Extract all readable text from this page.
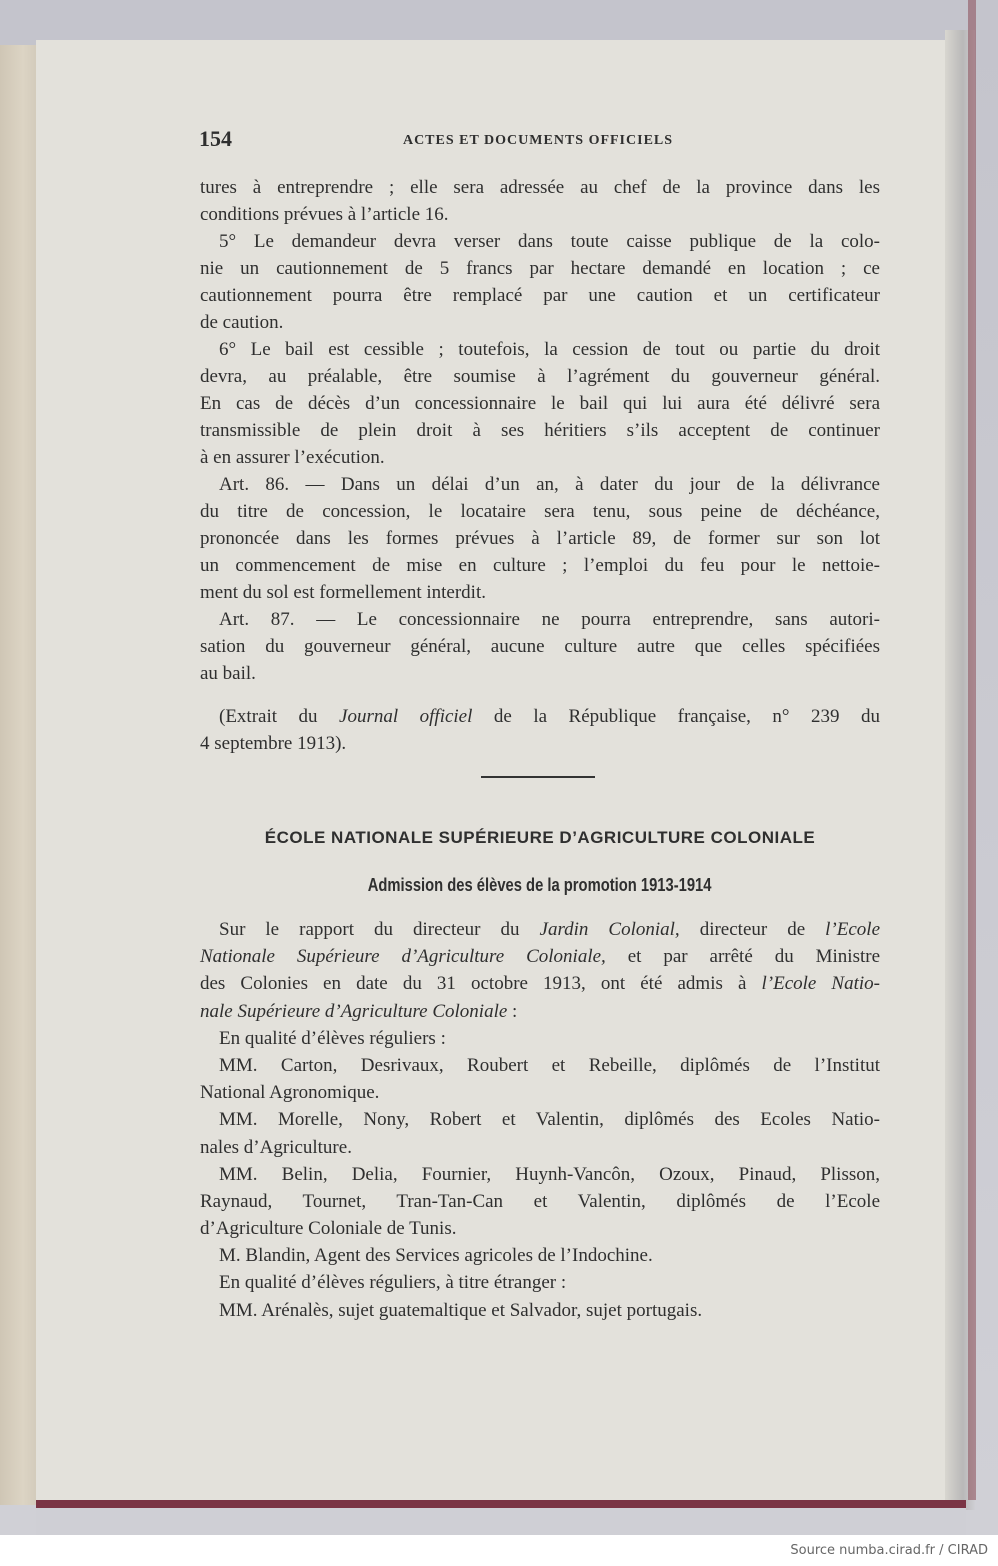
154	ACTES ET DOCUMENTS OFFICIELS
tures à entreprendre ; elle sera adressée au chef de la province dans les
conditions prévues à l’article 16.
5° Le demandeur devra verser dans toute caisse publique de la colo-
nie un cautionnement de 5 francs par hectare demandé en location ; ce
cautionnement pourra être remplacé par une caution et un certificateur
de caution.
6° Le bail est cessible ; toutefois, la cession de tout ou partie du droit
devra, au préalable, être soumise à l’agrément du gouverneur général.
En cas de décès d’un concessionnaire le bail qui lui aura été délivré sera
transmissible de plein droit à ses héritiers s’ils acceptent de continuer
à en assurer l’exécution.
Art. 86. — Dans un délai d’un an, à dater du jour de la délivrance
du titre de concession, le locataire sera tenu, sous peine de déchéance,
prononcée dans les formes prévues à l’article 89, de former sur son lot
un commencement de mise en culture ; l’emploi du feu pour le nettoie-
ment du sol est formellement interdit.
Art. 87. — Le concessionnaire ne pourra entreprendre, sans autori-
sation du gouverneur général, aucune culture autre que celles spécifiées
au bail.
(Extrait du Journal officiel de la République française, n° 239 du
4 septembre 1913).
ÉCOLE NATIONALE SUPÉRIEURE D’AGRICULTURE COLONIALE
Admission des élèves de la promotion 1913-1914
Sur le rapport du directeur du Jardin Colonial, directeur de l’Ecole
Nationale Supérieure d’Agriculture Coloniale, et par arrêté du Ministre
des Colonies en date du 31 octobre 1913, ont été admis à l’Ecole Natio-
nale Supérieure d’Agriculture Coloniale :
En qualité d’élèves réguliers :
MM. Carton, Desrivaux, Roubert et Rebeille, diplômés de l’Institut
National Agronomique.
MM. Morelle, Nony, Robert et Valentin, diplômés des Ecoles Natio-
nales d’Agriculture.
MM. Belin, Delia, Fournier, Huynh-Vancôn, Ozoux, Pinaud, Plisson,
Raynaud, Tournet, Tran-Tan-Can et Valentin, diplômés de l’Ecole
d’Agriculture Coloniale de Tunis.
M. Blandin, Agent des Services agricoles de l’Indochine.
En qualité d’élèves réguliers, à titre étranger :
MM. Arénalès, sujet guatemaltique et Salvador, sujet portugais.
Source numba.cirad.fr / CIRAD
